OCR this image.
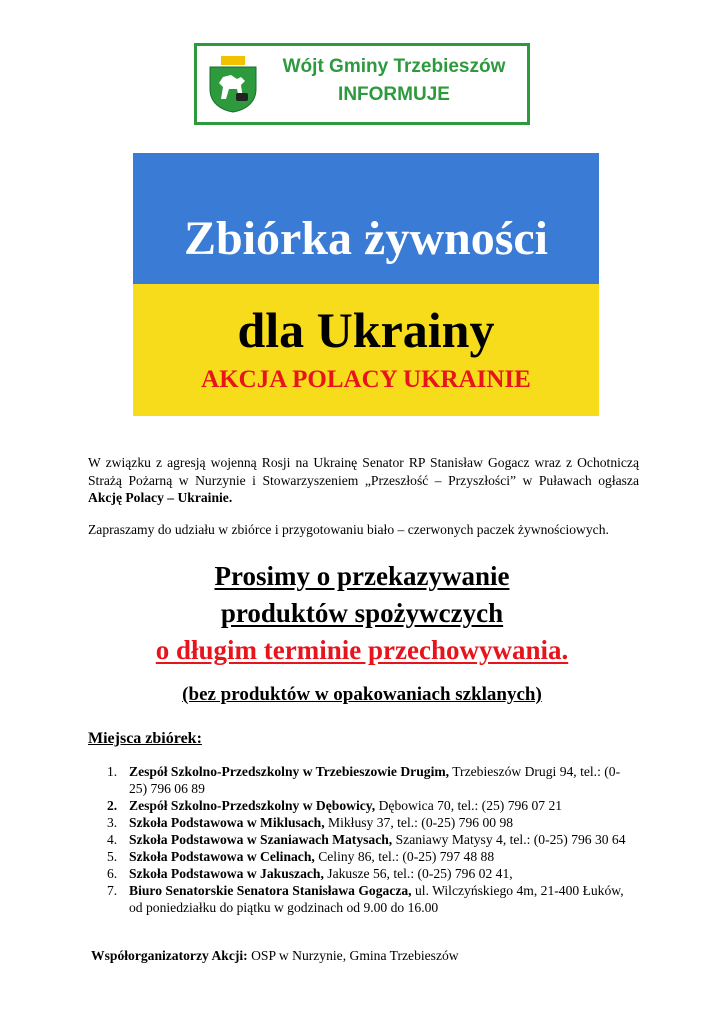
Wójt Gminy Trzebieszów
INFORMUJE
Zbiórka żywności
dla Ukrainy
AKCJA POLACY UKRAINIE
W związku z agresją wojenną Rosji na Ukrainę Senator RP Stanisław Gogacz wraz z Ochotniczą Strażą Pożarną w Nurzynie i Stowarzyszeniem „Przeszłość – Przyszłości” w Puławach ogłasza Akcję Polacy – Ukrainie.
Zapraszamy do udziału w zbiórce i przygotowaniu biało – czerwonych paczek żywnościowych.
Prosimy o przekazywanie
produktów spożywczych
o długim terminie przechowywania.
(bez produktów w opakowaniach szklanych)
Miejsca zbiórek:
1. Zespół Szkolno-Przedszkolny w Trzebieszowie Drugim, Trzebieszów Drugi 94, tel.: (0-25) 796 06 89
2. Zespół Szkolno-Przedszkolny w Dębowicy, Dębowica 70, tel.: (25) 796 07 21
3. Szkoła Podstawowa w Miklusach, Mikłusy 37, tel.: (0-25) 796 00 98
4. Szkoła Podstawowa w Szaniawach Matysach, Szaniawy Matysy 4, tel.: (0-25) 796 30 64
5. Szkoła Podstawowa w Celinach, Celiny 86, tel.: (0-25) 797 48 88
6. Szkoła Podstawowa w Jakuszach, Jakusze 56, tel.: (0-25) 796 02 41,
7. Biuro Senatorskie Senatora Stanisława Gogacza, ul. Wilczyńskiego 4m, 21-400 Łuków, od poniedziałku do piątku w godzinach od 9.00 do 16.00
Współorganizatorzy Akcji: OSP w Nurzynie, Gmina Trzebieszów
